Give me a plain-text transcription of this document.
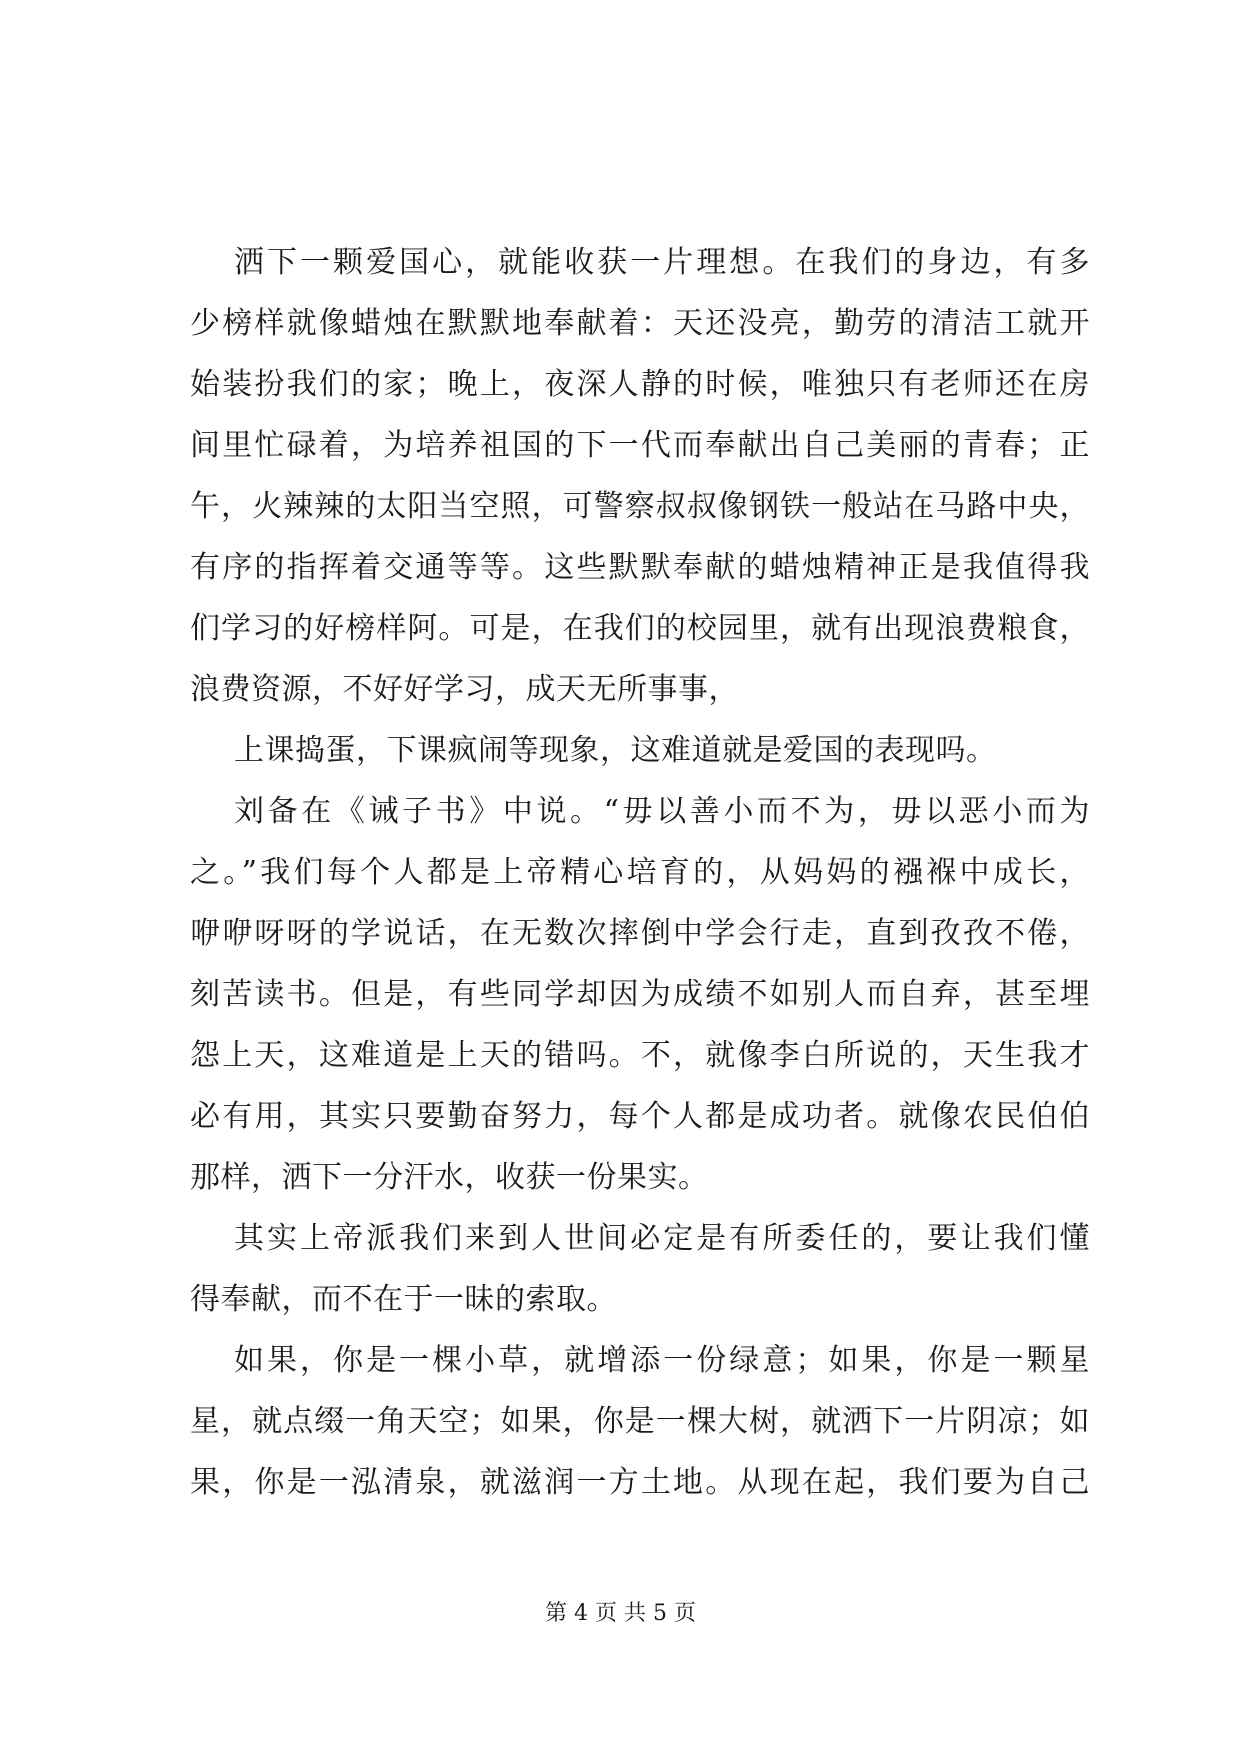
洒下一颗爱国心，就能收获一片理想。在我们的身边，有多
少榜样就像蜡烛在默默地奉献着：天还没亮，勤劳的清洁工就开
始装扮我们的家；晚上，夜深人静的时候，唯独只有老师还在房
间里忙碌着，为培养祖国的下一代而奉献出自己美丽的青春；正
午，火辣辣的太阳当空照，可警察叔叔像钢铁一般站在马路中央，
有序的指挥着交通等等。这些默默奉献的蜡烛精神正是我值得我
们学习的好榜样阿。可是，在我们的校园里，就有出现浪费粮食，
浪费资源，不好好学习，成天无所事事，
上课捣蛋，下课疯闹等现象，这难道就是爱国的表现吗。
刘备在《诫子书》中说。“毋以善小而不为，毋以恶小而为
之。”我们每个人都是上帝精心培育的，从妈妈的襁褓中成长，
咿咿呀呀的学说话，在无数次摔倒中学会行走，直到孜孜不倦，
刻苦读书。但是，有些同学却因为成绩不如别人而自弃，甚至埋
怨上天，这难道是上天的错吗。不，就像李白所说的，天生我才
必有用，其实只要勤奋努力，每个人都是成功者。就像农民伯伯
那样，洒下一分汗水，收获一份果实。
其实上帝派我们来到人世间必定是有所委任的，要让我们懂
得奉献，而不在于一昧的索取。
如果，你是一棵小草，就增添一份绿意；如果，你是一颗星
星，就点缀一角天空；如果，你是一棵大树，就洒下一片阴凉；如
果，你是一泓清泉，就滋润一方土地。从现在起，我们要为自己
第 4 页 共 5 页
